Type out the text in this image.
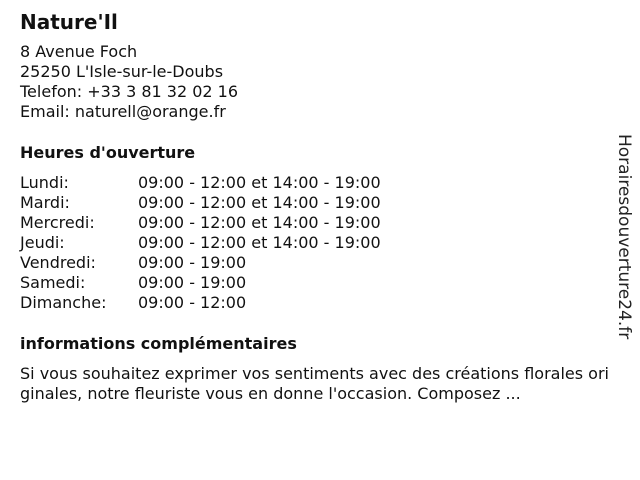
Nature'Il
8 Avenue Foch
25250 L'Isle-sur-le-Doubs
Telefon: +33 3 81 32 02 16
Email: naturell@orange.fr
Heures d'ouverture
Lundi:	09:00 - 12:00 et 14:00 - 19:00
Mardi:	09:00 - 12:00 et 14:00 - 19:00
Mercredi:	09:00 - 12:00 et 14:00 - 19:00
Jeudi:	09:00 - 12:00 et 14:00 - 19:00
Vendredi:	09:00 - 19:00
Samedi:	09:00 - 19:00
Dimanche:	09:00 - 12:00
informations complémentaires
Si vous souhaitez exprimer vos sentiments avec des créations florales originales, notre fleuriste vous en donne l'occasion. Composez ...
Horairesdouverture24.fr
